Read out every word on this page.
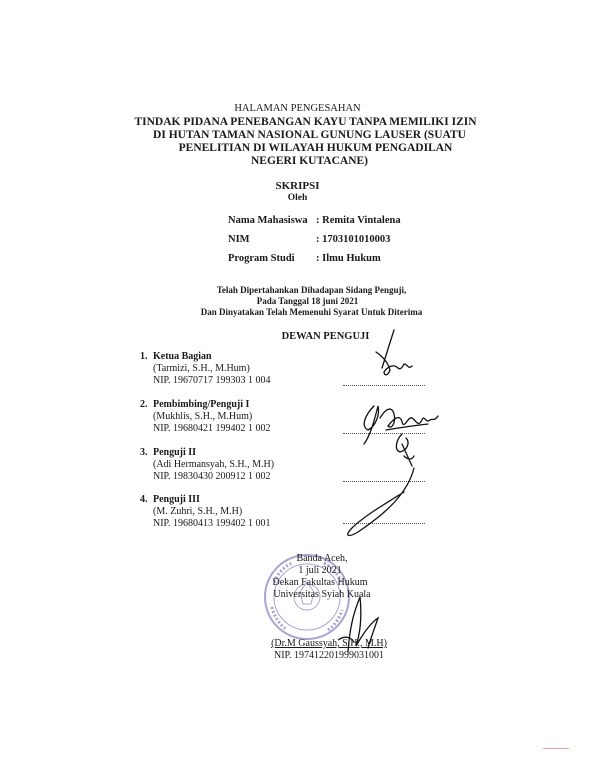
HALAMAN PENGESAHAN
TINDAK PIDANA PENEBANGAN KAYU TANPA MEMILIKI IZIN
DI HUTAN TAMAN NASIONAL GUNUNG LAUSER (SUATU
PENELITIAN DI WILAYAH HUKUM PENGADILAN
NEGERI KUTACANE)
SKRIPSI
Oleh
Nama Mahasiswa : Remita Vintalena
NIM	: 1703101010003
Program Studi : Ilmu Hukum
Telah Dipertahankan Dihadapan Sidang Penguji,
Pada Tanggal 18 juni 2021
Dan Dinyatakan Telah Memenuhi Syarat Untuk Diterima
DEWAN PENGUJI
1. Ketua Bagian
(Tarmizi, S.H., M.Hum)
NIP. 19670717 199303 1 004
2. Pembimbing/Penguji I
(Mukhlis, S.H., M.Hum)
NIP. 19680421 199402 1 002
3. Penguji II
(Adi Hermansyah, S.H., M.H)
NIP. 19830430 200912 1 002
4. Penguji III
(M. Zuhri, S.H., M.H)
NIP. 19680413 199402 1 001
Banda Aceh,
1 juli 2021
Dekan Fakultas Hukum
Universitas Syiah Kuala
(Dr.M Gaussyah, S.H., M.H)
NIP. 197412201999031001
